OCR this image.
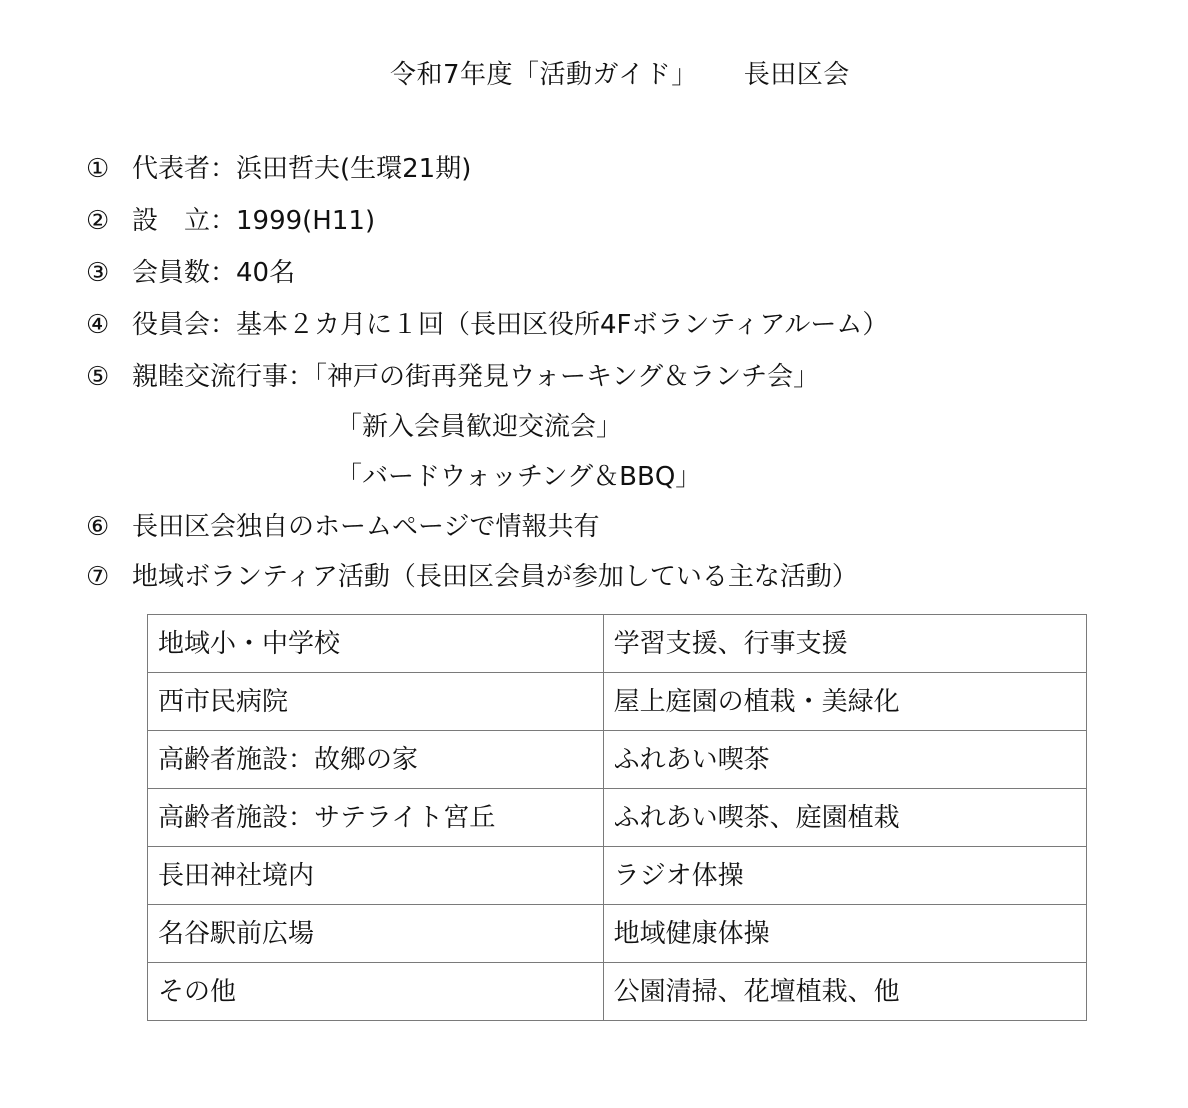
令和7年度「活動ガイド」 長田区会
① 代表者：浜田哲夫(生環21期)
② 設　立：1999(H11)
③ 会員数：40名
④ 役員会：基本２カ月に１回（長田区役所4Fボランティアルーム）
⑤ 親睦交流行事：「神戸の街再発見ウォーキング＆ランチ会」
「新入会員歓迎交流会」
「バードウォッチング＆BBQ」
⑥ 長田区会独自のホームページで情報共有
⑦ 地域ボランティア活動（長田区会員が参加している主な活動）
地域小・中学校	学習支援、行事支援
西市民病院	屋上庭園の植栽・美緑化
高齢者施設：故郷の家	ふれあい喫茶
高齢者施設：サテライト宮丘	ふれあい喫茶、庭園植栽
長田神社境内	ラジオ体操
名谷駅前広場	地域健康体操
その他	公園清掃、花壇植栽、他
